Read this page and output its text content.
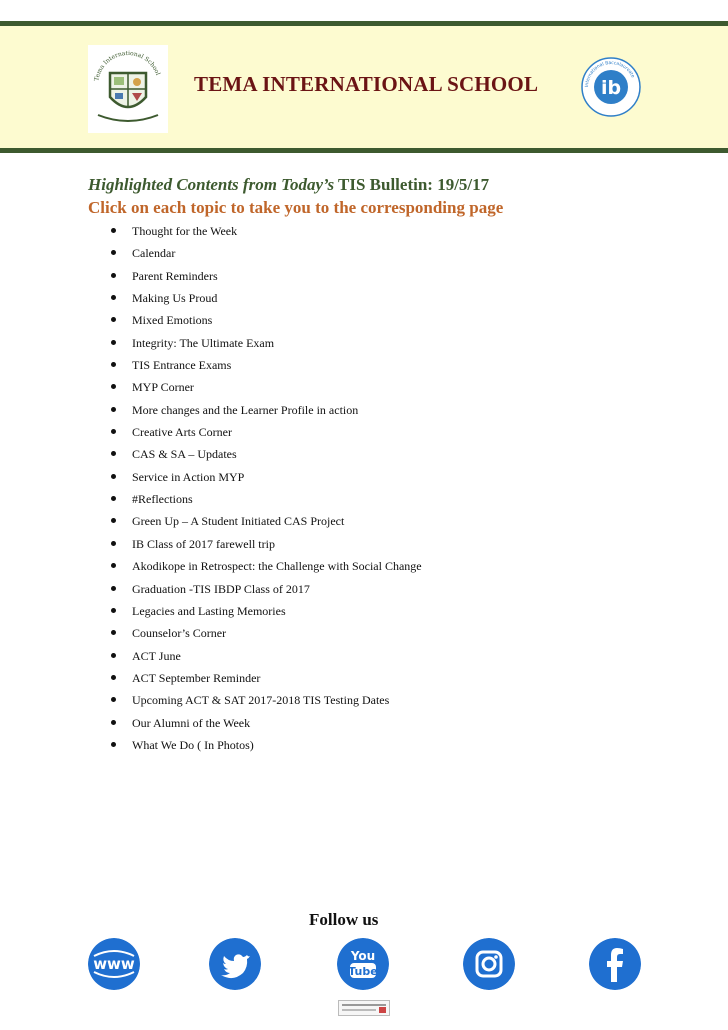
Tema International School TEMA INTERNATIONAL SCHOOL	International Baccalaureate
ib
Highlighted Contents from Today’s TIS Bulletin: 19/5/17
Click on each topic to take you to the corresponding page
Thought for the Week
Calendar
Parent Reminders
Making Us Proud
Mixed Emotions
Integrity: The Ultimate Exam
TIS Entrance Exams
MYP Corner
More changes and the Learner Profile in action
Creative Arts Corner
CAS & SA – Updates
Service in Action MYP
#Reflections
Green Up – A Student Initiated CAS Project
IB Class of 2017 farewell trip
Akodikope in Retrospect: the Challenge with Social Change
Graduation -TIS IBDP Class of 2017
Legacies and Lasting Memories
Counselor’s Corner
ACT June
ACT September Reminder
Upcoming ACT & SAT 2017-2018 TIS Testing Dates
Our Alumni of the Week
What We Do ( In Photos)
Follow us
www	You
Tube
